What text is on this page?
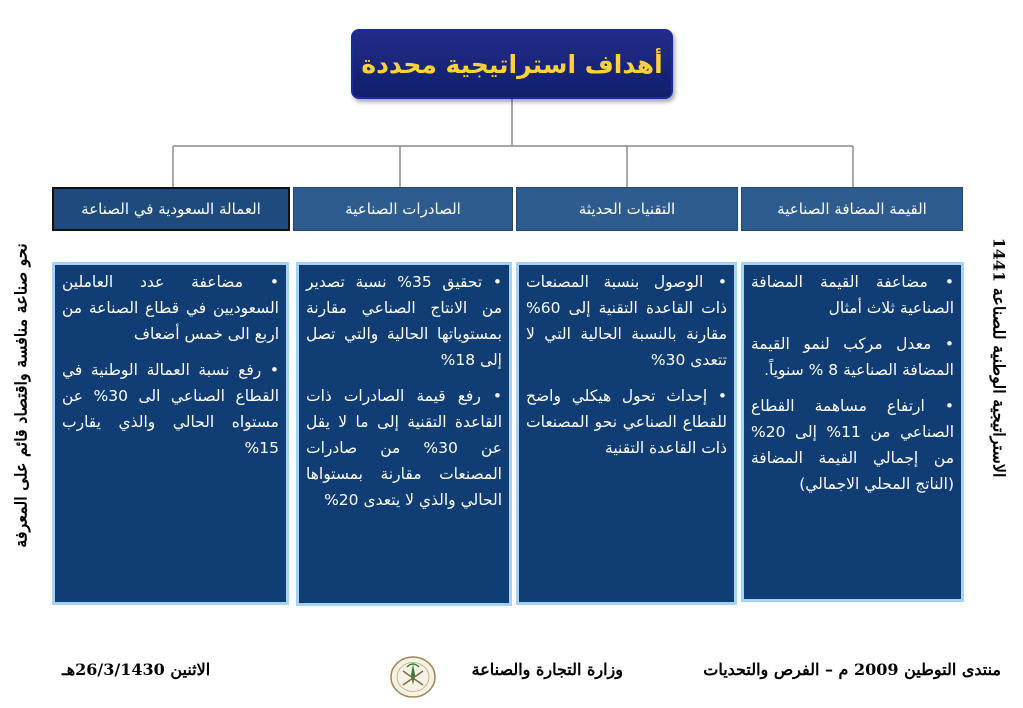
أهداف استراتيجية محددة
القيمة المضافة الصناعية
التقنيات الحديثة
الصادرات الصناعية
العمالة السعودية في الصناعة

• مضاعفة القيمة المضافة الصناعية ثلاث أمثال

• معدل مركب لنمو القيمة المضافة الصناعية 8 % سنوياً.

• ارتفاع مساهمة القطاع الصناعي من 11% إلى 20% من إجمالي القيمة المضافة (الناتج المحلي الاجمالي)

• الوصول بنسبة المصنعات ذات القاعدة التقنية إلى 60% مقارنة بالنسبة الحالية التي لا تتعدى 30%

• إحداث تحول هيكلي واضح للقطاع الصناعي نحو المصنعات ذات القاعدة التقنية

• تحقيق 35% نسبة تصدير من الانتاج الصناعي مقارنة بمستوياتها الحالية والتي تصل إلى 18%

• رفع قيمة الصادرات ذات القاعدة التقنية إلى ما لا يقل عن 30% من صادرات المصنعات مقارنة بمستواها الحالي والذي لا يتعدى 20%

• مضاعفة عدد العاملين السعوديين في قطاع الصناعة من اربع الى خمس أضعاف

• رفع نسبة العمالة الوطنية في القطاع الصناعي الى 30% عن مستواه الحالي والذي يقارب 15%

نحو صناعة منافسة واقتصاد قائم على المعرفة	الاستراتيجية الوطنية للصناعة 1441
منتدى التوطين 2009 م – الفرص والتحديات
وزارة التجارة والصناعة
الاثنين 26/3/1430هـ
